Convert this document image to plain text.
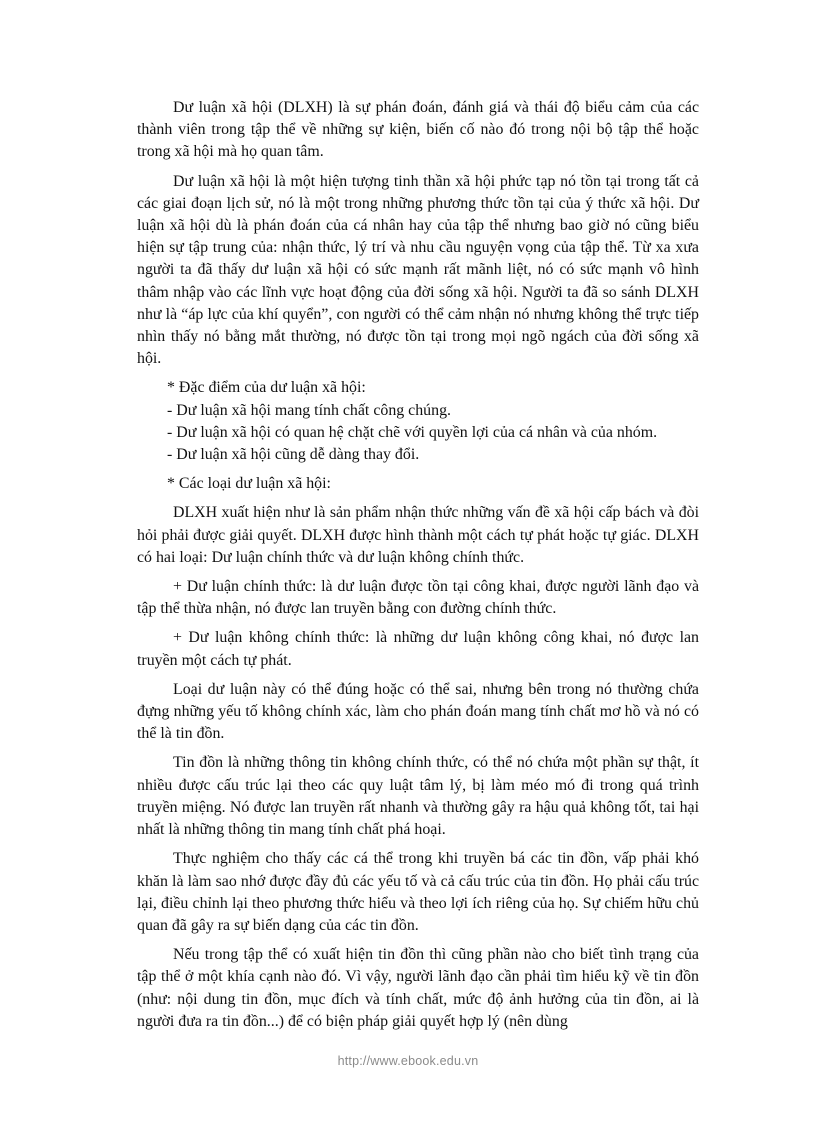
Dư luận xã hội (DLXH) là sự phán đoán, đánh giá và thái độ biểu cảm của các thành viên trong tập thể về những sự kiện, biến cố nào đó trong nội bộ tập thể hoặc trong xã hội mà họ quan tâm.

Dư luận xã hội là một hiện tượng tinh thần xã hội phức tạp nó tồn tại trong tất cả các giai đoạn lịch sử, nó là một trong những phương thức tồn tại của ý thức xã hội. Dư luận xã hội dù là phán đoán của cá nhân hay của tập thể nhưng bao giờ nó cũng biểu hiện sự tập trung của: nhận thức, lý trí và nhu cầu nguyện vọng của tập thể. Từ xa xưa người ta đã thấy dư luận xã hội có sức mạnh rất mãnh liệt, nó có sức mạnh vô hình thâm nhập vào các lĩnh vực hoạt động của đời sống xã hội. Người ta đã so sánh DLXH như là “áp lực của khí quyển”, con người có thể cảm nhận nó nhưng không thể trực tiếp nhìn thấy nó bằng mắt thường, nó được tồn tại trong mọi ngõ ngách của đời sống xã hội.

* Đặc điểm của dư luận xã hội:

- Dư luận xã hội mang tính chất công chúng.

- Dư luận xã hội có quan hệ chặt chẽ với quyền lợi của cá nhân và của nhóm.

- Dư luận xã hội cũng dễ dàng thay đổi.

* Các loại dư luận xã hội:

DLXH xuất hiện như là sản phẩm nhận thức những vấn đề xã hội cấp bách và đòi hỏi phải được giải quyết. DLXH được hình thành một cách tự phát hoặc tự giác. DLXH có hai loại: Dư luận chính thức và dư luận không chính thức.

+ Dư luận chính thức: là dư luận được tồn tại công khai, được người lãnh đạo và tập thể thừa nhận, nó được lan truyền bằng con đường chính thức.

+ Dư luận không chính thức: là những dư luận không công khai, nó được lan truyền một cách tự phát.

Loại dư luận này có thể đúng hoặc có thể sai, nhưng bên trong nó thường chứa đựng những yếu tố không chính xác, làm cho phán đoán mang tính chất mơ hồ và nó có thể là tin đồn.

Tin đồn là những thông tin không chính thức, có thể nó chứa một phần sự thật, ít nhiều được cấu trúc lại theo các quy luật tâm lý, bị làm méo mó đi trong quá trình truyền miệng. Nó được lan truyền rất nhanh và thường gây ra hậu quả không tốt, tai hại nhất là những thông tin mang tính chất phá hoại.

Thực nghiệm cho thấy các cá thể trong khi truyền bá các tin đồn, vấp phải khó khăn là làm sao nhớ được đầy đủ các yếu tố và cả cấu trúc của tin đồn. Họ phải cấu trúc lại, điều chỉnh lại theo phương thức hiểu và theo lợi ích riêng của họ. Sự chiếm hữu chủ quan đã gây ra sự biến dạng của các tin đồn.

Nếu trong tập thể có xuất hiện tin đồn thì cũng phần nào cho biết tình trạng của tập thể ở một khía cạnh nào đó. Vì vậy, người lãnh đạo cần phải tìm hiểu kỹ về tin đồn (như: nội dung tin đồn, mục đích và tính chất, mức độ ảnh hưởng của tin đồn, ai là người đưa ra tin đồn...) để có biện pháp giải quyết hợp lý (nên dùng

http://www.ebook.edu.vn
